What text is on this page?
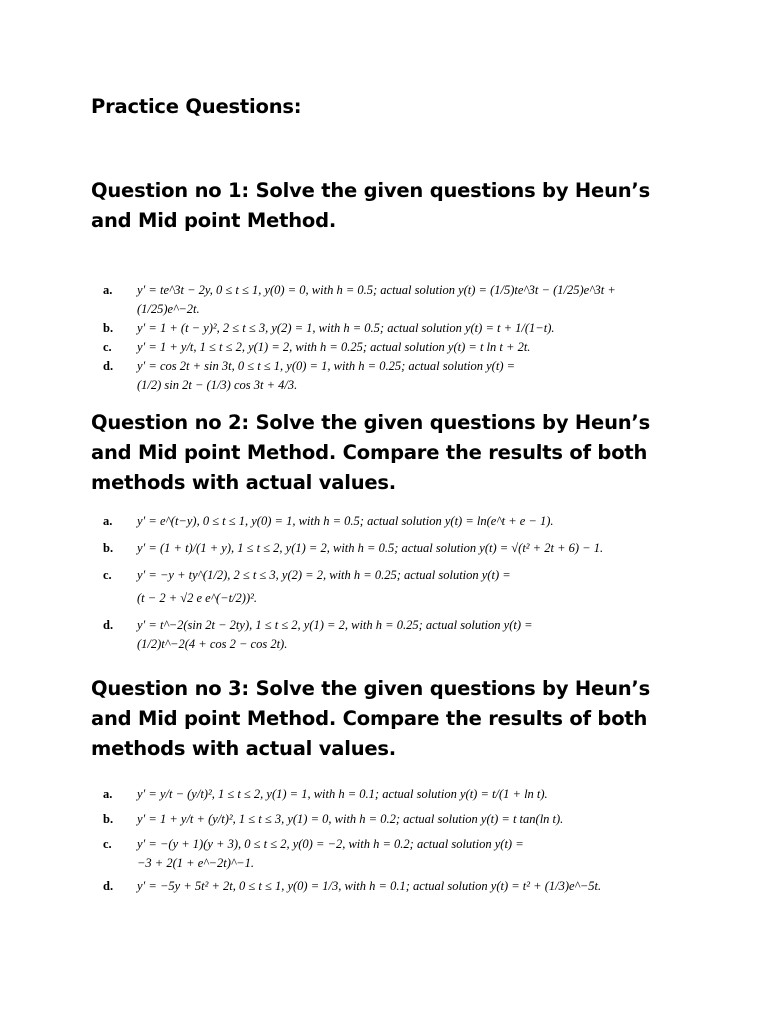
Practice Questions:
Question no 1: Solve the given questions by Heun’s and Mid point Method.
a.	y′ = te^3t − 2y, 0 ≤ t ≤ 1, y(0) = 0, with h = 0.5; actual solution y(t) = (1/5)te^3t − (1/25)e^3t +
(1/25)e^−2t.
b.	y′ = 1 + (t − y)², 2 ≤ t ≤ 3, y(2) = 1, with h = 0.5; actual solution y(t) = t + 1/(1−t).
c.	y′ = 1 + y/t, 1 ≤ t ≤ 2, y(1) = 2, with h = 0.25; actual solution y(t) = t ln t + 2t.
d.	y′ = cos 2t + sin 3t, 0 ≤ t ≤ 1, y(0) = 1, with h = 0.25; actual solution y(t) =
(1/2) sin 2t − (1/3) cos 3t + 4/3.
Question no 2: Solve the given questions by Heun’s and Mid point Method. Compare the results of both methods with actual values.
a.	y′ = e^(t−y), 0 ≤ t ≤ 1, y(0) = 1, with h = 0.5; actual solution y(t) = ln(e^t + e − 1).
b.	y′ = (1 + t)/(1 + y), 1 ≤ t ≤ 2, y(1) = 2, with h = 0.5; actual solution y(t) = √(t² + 2t + 6) − 1.
c.	y′ = −y + ty^(1/2), 2 ≤ t ≤ 3, y(2) = 2, with h = 0.25; actual solution y(t) =
(t − 2 + √2 e e^(−t/2))².
d.	y′ = t^−2(sin 2t − 2ty), 1 ≤ t ≤ 2, y(1) = 2, with h = 0.25; actual solution y(t) =
(1/2)t^−2(4 + cos 2 − cos 2t).
Question no 3: Solve the given questions by Heun’s and Mid point Method. Compare the results of both methods with actual values.
a.	y′ = y/t − (y/t)², 1 ≤ t ≤ 2, y(1) = 1, with h = 0.1; actual solution y(t) = t/(1 + ln t).
b.	y′ = 1 + y/t + (y/t)², 1 ≤ t ≤ 3, y(1) = 0, with h = 0.2; actual solution y(t) = t tan(ln t).
c.	y′ = −(y + 1)(y + 3), 0 ≤ t ≤ 2, y(0) = −2, with h = 0.2; actual solution y(t) =
−3 + 2(1 + e^−2t)^−1.
d.	y′ = −5y + 5t² + 2t, 0 ≤ t ≤ 1, y(0) = 1/3, with h = 0.1; actual solution y(t) = t² + (1/3)e^−5t.
